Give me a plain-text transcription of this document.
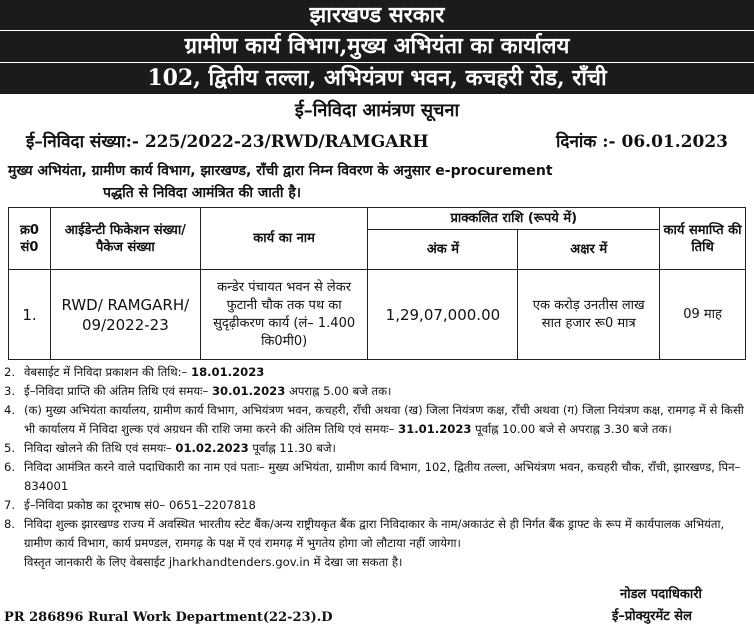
झारखण्ड सरकार
ग्रामीण कार्य विभाग,मुख्य अभियंता का कार्यालय
102, द्वितीय तल्ला, अभियंत्रण भवन, कचहरी रोड, राँची
ई–निविदा आमंत्रण सूचना
ई–निविदा संख्या:- 225/2022-23/RWD/RAMGARH	दिनांक :- 06.01.2023
मुख्य अभियंता, ग्रामीण कार्य विभाग, झारखण्ड, राँची द्वारा निम्न विवरण के अनुसार e-procurement
पद्धति से निविदा आमंत्रित की जाती है।
क्र0 सं0	आईडेन्टी फिकेशन संख्या/पैकेज संख्या	कार्य का नाम	प्राक्कलित राशि (रूपये में)		कार्य समाप्ति की तिथि
			अंक में	अक्षर में	
1.	RWD/ RAMGARH/ 09/2022-23	कन्डेर पंचायत भवन से लेकर फुटानी चौक तक पथ का सुदृढ़ीकरण कार्य (लं– 1.400 कि0मी0)	1,29,07,000.00	एक करोड़ उनतीस लाख सात हजार रू0 मात्र	09 माह
2. वेबसाईट में निविदा प्रकाशन की तिथि:– 18.01.2023
3. ई–निविदा प्राप्ति की अंतिम तिथि एवं समयः– 30.01.2023 अपराह्न 5.00 बजे तक।
4. (क) मुख्य अभियंता कार्यालय, ग्रामीण कार्य विभाग, अभियंत्रण भवन, कचहरी, राँची अथवा (ख) जिला नियंत्रण कक्ष, राँची अथवा (ग) जिला नियंत्रण कक्ष, रामगढ़ में से किसी भी कार्यालय में निविदा शुल्क एवं अग्रधन की राशि जमा करने की अंतिम तिथि एवं समयः– 31.01.2023 पूर्वाह्न 10.00 बजे से अपराह्न 3.30 बजे तक।
5. निविदा खोलने की तिथि एवं समयः– 01.02.2023 पूर्वाह्न 11.30 बजे।
6. निविदा आमंत्रित करने वाले पदाधिकारी का नाम एवं पताः– मुख्य अभियंता, ग्रामीण कार्य विभाग, 102, द्वितीय तल्ला, अभियंत्रण भवन, कचहरी चौक, राँची, झारखण्ड, पिन– 834001
7. ई–निविदा प्रकोष्ठ का दूरभाष सं0– 0651–2207818
8. निविदा शुल्क झारखण्ड राज्य में अवस्थित भारतीय स्टेट बैंक/अन्य राष्ट्रीयकृत बैंक द्वारा निविदाकार के नाम/अकाउंट से ही निर्गत बैंक ड्राफ्ट के रूप में कार्यपालक अभियंता, ग्रामीण कार्य विभाग, कार्य प्रमण्डल, रामगढ़ के पक्ष में एवं रामगढ़ में भुगतेय होगा जो लौटाया नहीं जायेगा।
विस्तृत जानकारी के लिए वेबसाईट jharkhandtenders.gov.in में देखा जा सकता है।
नोडल पदाधिकारी
ई–प्रोक्युरमेंट सेल
PR 286896 Rural Work Department(22-23).D
